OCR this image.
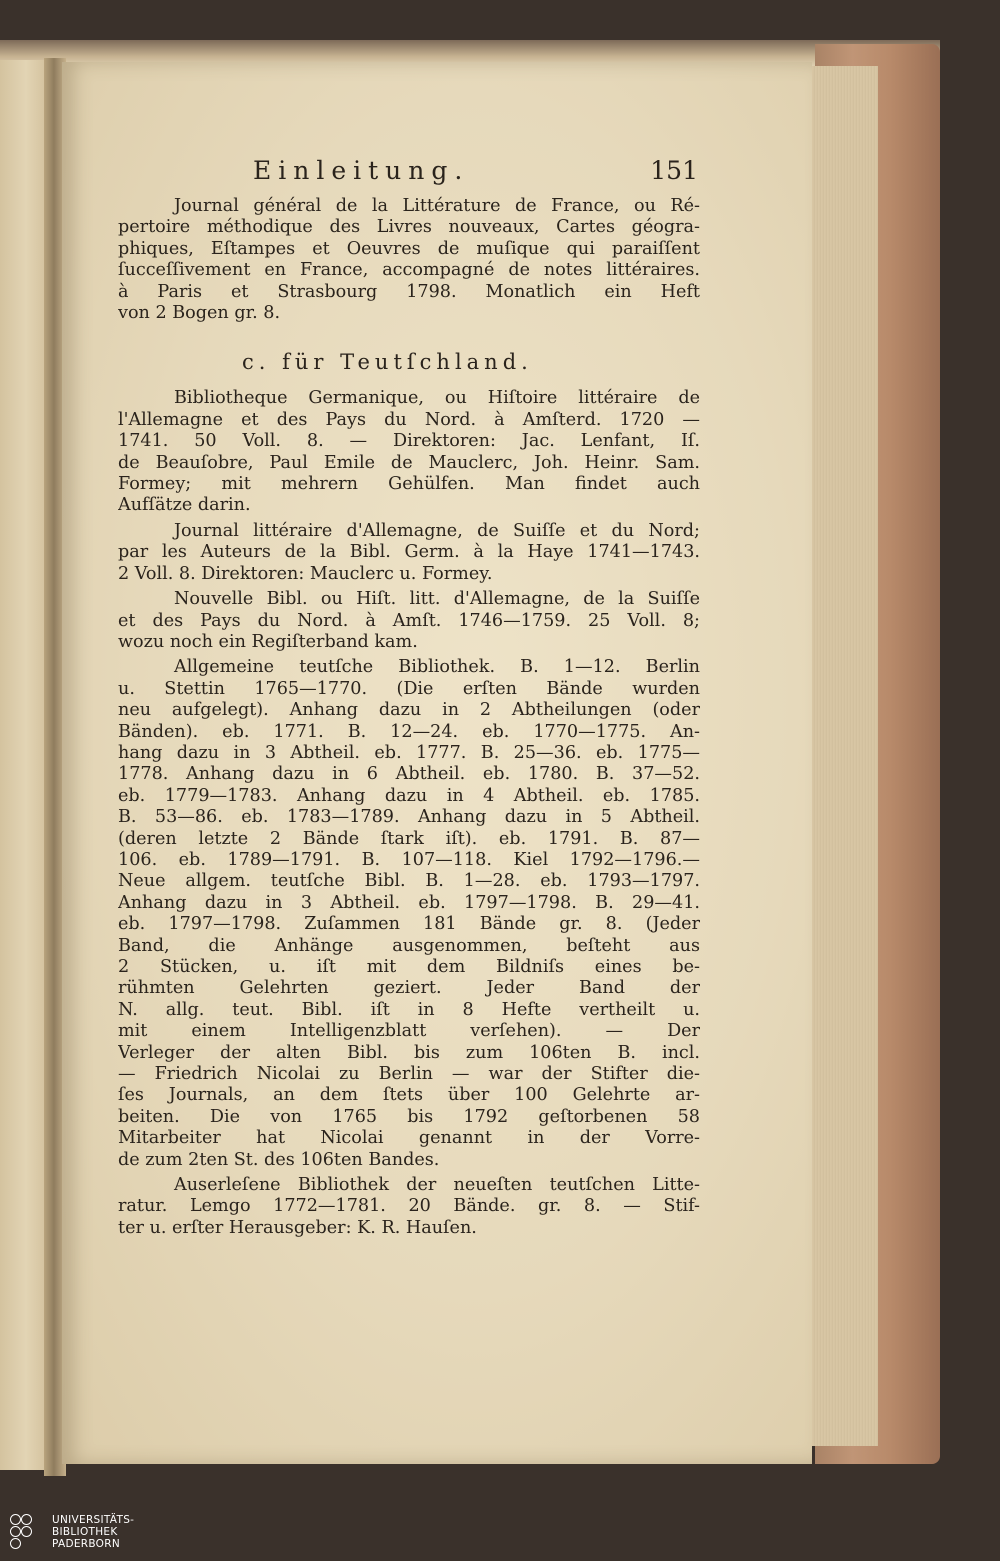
Einleitung.	151
Journal général de la Littérature de France, ou Ré-
pertoire méthodique des Livres nouveaux, Cartes géogra-
phiques, Eſtampes et Oeuvres de muſique qui paraiſſent
ſucceſſivement en France, accompagné de notes littéraires.
à Paris et Strasbourg 1798. Monatlich ein Heft
von 2 Bogen gr. 8.
c. für Teutſchland.
Bibliotheque Germanique, ou Hiſtoire littéraire de
l'Allemagne et des Pays du Nord. à Amſterd. 1720 —
1741. 50 Voll. 8. — Direktoren: Jac. Lenfant, Iſ.
de Beauſobre, Paul Emile de Mauclerc, Joh. Heinr. Sam.
Formey; mit mehrern Gehülfen. Man findet auch
Aufſätze darin.
Journal littéraire d'Allemagne, de Suiſſe et du Nord;
par les Auteurs de la Bibl. Germ. à la Haye 1741—1743.
2 Voll. 8. Direktoren: Mauclerc u. Formey.
Nouvelle Bibl. ou Hiſt. litt. d'Allemagne, de la Suiſſe
et des Pays du Nord. à Amſt. 1746—1759. 25 Voll. 8;
wozu noch ein Regiſterband kam.
Allgemeine teutſche Bibliothek. B. 1—12. Berlin
u. Stettin 1765—1770. (Die erſten Bände wurden
neu aufgelegt). Anhang dazu in 2 Abtheilungen (oder
Bänden). eb. 1771. B. 12—24. eb. 1770—1775. An-
hang dazu in 3 Abtheil. eb. 1777. B. 25—36. eb. 1775—
1778. Anhang dazu in 6 Abtheil. eb. 1780. B. 37—52.
eb. 1779—1783. Anhang dazu in 4 Abtheil. eb. 1785.
B. 53—86. eb. 1783—1789. Anhang dazu in 5 Abtheil.
(deren letzte 2 Bände ſtark iſt). eb. 1791. B. 87—
106. eb. 1789—1791. B. 107—118. Kiel 1792—1796.—
Neue allgem. teutſche Bibl. B. 1—28. eb. 1793—1797.
Anhang dazu in 3 Abtheil. eb. 1797—1798. B. 29—41.
eb. 1797—1798. Zuſammen 181 Bände gr. 8. (Jeder
Band, die Anhänge ausgenommen, beſteht aus
2 Stücken, u. iſt mit dem Bildniſs eines be-
rühmten Gelehrten geziert. Jeder Band der
N. allg. teut. Bibl. iſt in 8 Hefte vertheilt u.
mit einem Intelligenzblatt verſehen). — Der
Verleger der alten Bibl. bis zum 106ten B. incl.
— Friedrich Nicolai zu Berlin — war der Stifter die-
ſes Journals, an dem ſtets über 100 Gelehrte ar-
beiten. Die von 1765 bis 1792 geſtorbenen 58
Mitarbeiter hat Nicolai genannt in der Vorre-
de zum 2ten St. des 106ten Bandes.
Auserleſene Bibliothek der neueſten teutſchen Litte-
ratur. Lemgo 1772—1781. 20 Bände. gr. 8. — Stif-
ter u. erſter Herausgeber: K. R. Hauſen.
UNIVERSITÄTS-
BIBLIOTHEK
PADERBORN
